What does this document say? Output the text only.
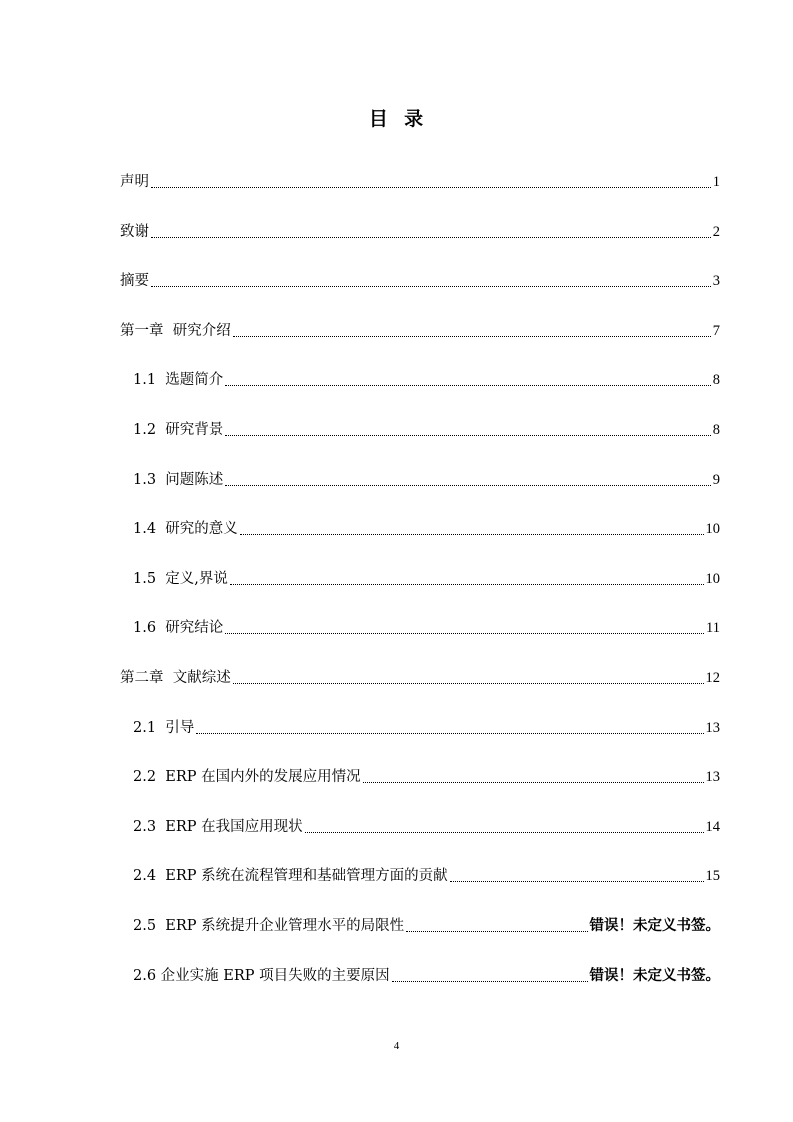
目  录
声明	1
致谢	2
摘要	3
第一章  研究介绍	7
1.1  选题简介	8
1.2  研究背景	8
1.3  问题陈述	9
1.4  研究的意义	10
1.5  定义,界说	10
1.6  研究结论	11
第二章  文献综述	12
2.1  引导	13
2.2  ERP 在国内外的发展应用情况	13
2.3  ERP 在我国应用现状	14
2.4  ERP 系统在流程管理和基础管理方面的贡献	15
2.5  ERP 系统提升企业管理水平的局限性	错误！未定义书签。
2.6 企业实施 ERP 项目失败的主要原因	错误！未定义书签。
4
